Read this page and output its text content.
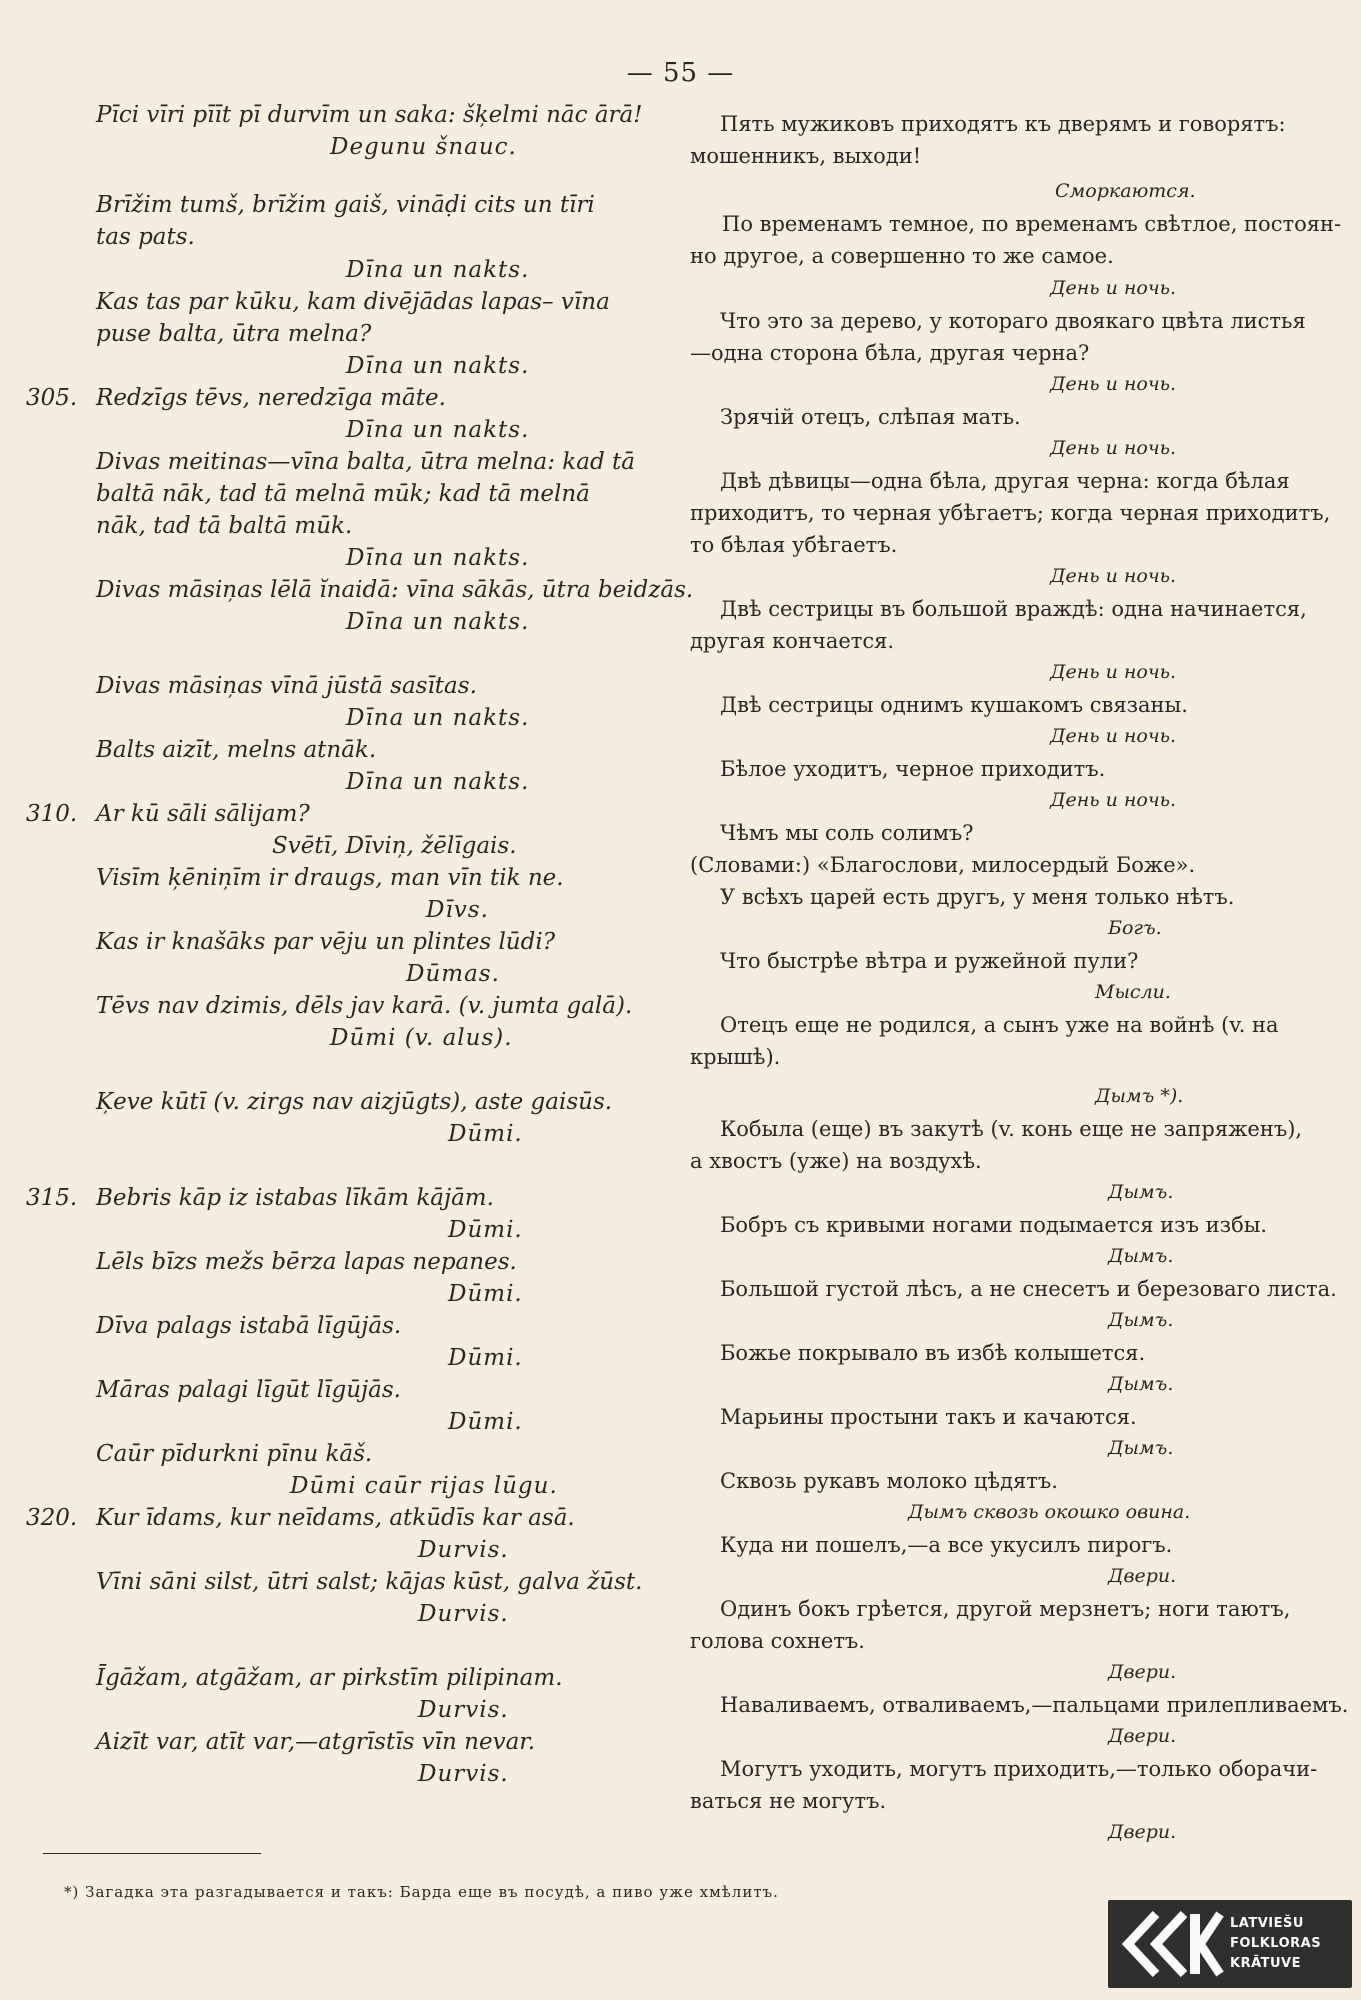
— 55 —
Pīci vīri pīīt pī durvīm un saka: šķelmi nāc ārā!
Degunu šnauc.
Brīžim tumš, brīžim gaiš, vināḍi cits un tīri
tas pats.
Dīna un nakts.
Kas tas par kūku, kam divējādas lapas– vīna
puse balta, ūtra melna?
Dīna un nakts.
305. Redzīgs tēvs, neredzīga māte.
Dīna un nakts.
Divas meitinas—vīna balta, ūtra melna: kad tā
baltā nāk, tad tā melnā mūk; kad tā melnā
nāk, tad tā baltā mūk.
Dīna un nakts.
Divas māsiņas lēlā ĭnaidā: vīna sākās, ūtra beidzās.
Dīna un nakts.
Divas māsiņas vīnā jūstā sasītas.
Dīna un nakts.
Balts aizīt, melns atnāk.
Dīna un nakts.
310. Ar kū sāli sālijam?
Svētī, Dīviņ, žēlīgais.
Visīm ķēniņīm ir draugs, man vīn tik ne.
Dīvs.
Kas ir knašāks par vēju un plintes lūdi?
Dūmas.
Tēvs nav dzimis, dēls jav karā. (v. jumta galā).
Dūmi (v. alus).
Ķeve kūtī (v. zirgs nav aizjūgts), aste gaisūs.
Dūmi.
315. Bebris kāp iz istabas līkām kājām.
Dūmi.
Lēls bīzs mežs bērza lapas nepanes.
Dūmi.
Dīva palags istabā līgūjās.
Dūmi.
Māras palagi līgūt līgūjās.
Dūmi.
Caūr pīdurkni pīnu kāš.
Dūmi caūr rijas lūgu.
320. Kur īdams, kur neīdams, atkūdīs kar asā.
Durvis.
Vīni sāni silst, ūtri salst; kājas kūst, galva žūst.
Durvis.
Īgāžam, atgāžam, ar pirkstīm pilipinam.
Durvis.
Aizīt var, atīt var,—atgrīstīs vīn nevar.
Durvis.
Пять мужиковъ приходятъ къ дверямъ и говорятъ:
мошенникъ, выходи!
Сморкаются.
По временамъ темное, по временамъ свѣтлое, постоян-
но другое, а совершенно то же самое.
День и ночь.
Что это за дерево, у котораго двоякаго цвѣта листья
—одна сторона бѣла, другая черна?
День и ночь.
Зрячій отецъ, слѣпая мать.
День и ночь.
Двѣ дѣвицы—одна бѣла, другая черна: когда бѣлая
приходитъ, то черная убѣгаетъ; когда черная приходитъ,
то бѣлая убѣгаетъ.
День и ночь.
Двѣ сестрицы въ большой враждѣ: одна начинается,
другая кончается.
День и ночь.
Двѣ сестрицы однимъ кушакомъ связаны.
День и ночь.
Бѣлое уходитъ, черное приходитъ.
День и ночь.
Чѣмъ мы соль солимъ?
(Словами:) «Благослови, милосердый Боже».
У всѣхъ царей есть другъ, у меня только нѣтъ.
Богъ.
Что быстрѣе вѣтра и ружейной пули?
Мысли.
Отецъ еще не родился, а сынъ уже на войнѣ (v. на
крышѣ).
Дымъ *).
Кобыла (еще) въ закутѣ (v. конь еще не запряженъ),
а хвостъ (уже) на воздухѣ.
Дымъ.
Бобръ съ кривыми ногами подымается изъ избы.
Дымъ.
Большой густой лѣсъ, а не снесетъ и березоваго листа.
Дымъ.
Божье покрывало въ избѣ колышется.
Дымъ.
Марьины простыни такъ и качаются.
Дымъ.
Сквозь рукавъ молоко цѣдятъ.
Дымъ сквозь окошко овина.
Куда ни пошелъ,—а все укусилъ пирогъ.
Двери.
Одинъ бокъ грѣется, другой мерзнетъ; ноги таютъ,
голова сохнетъ.
Двери.
Наваливаемъ, отваливаемъ,—пальцами прилепливаемъ.
Двери.
Могутъ уходить, могутъ приходить,—только оборачи-
ваться не могутъ.
Двери.
*) Загадка эта разгадывается и такъ: Барда еще въ посудѣ, а пиво уже хмѣлитъ.
LATVIEŠU
FOLKLORAS
KRĀTUVE
